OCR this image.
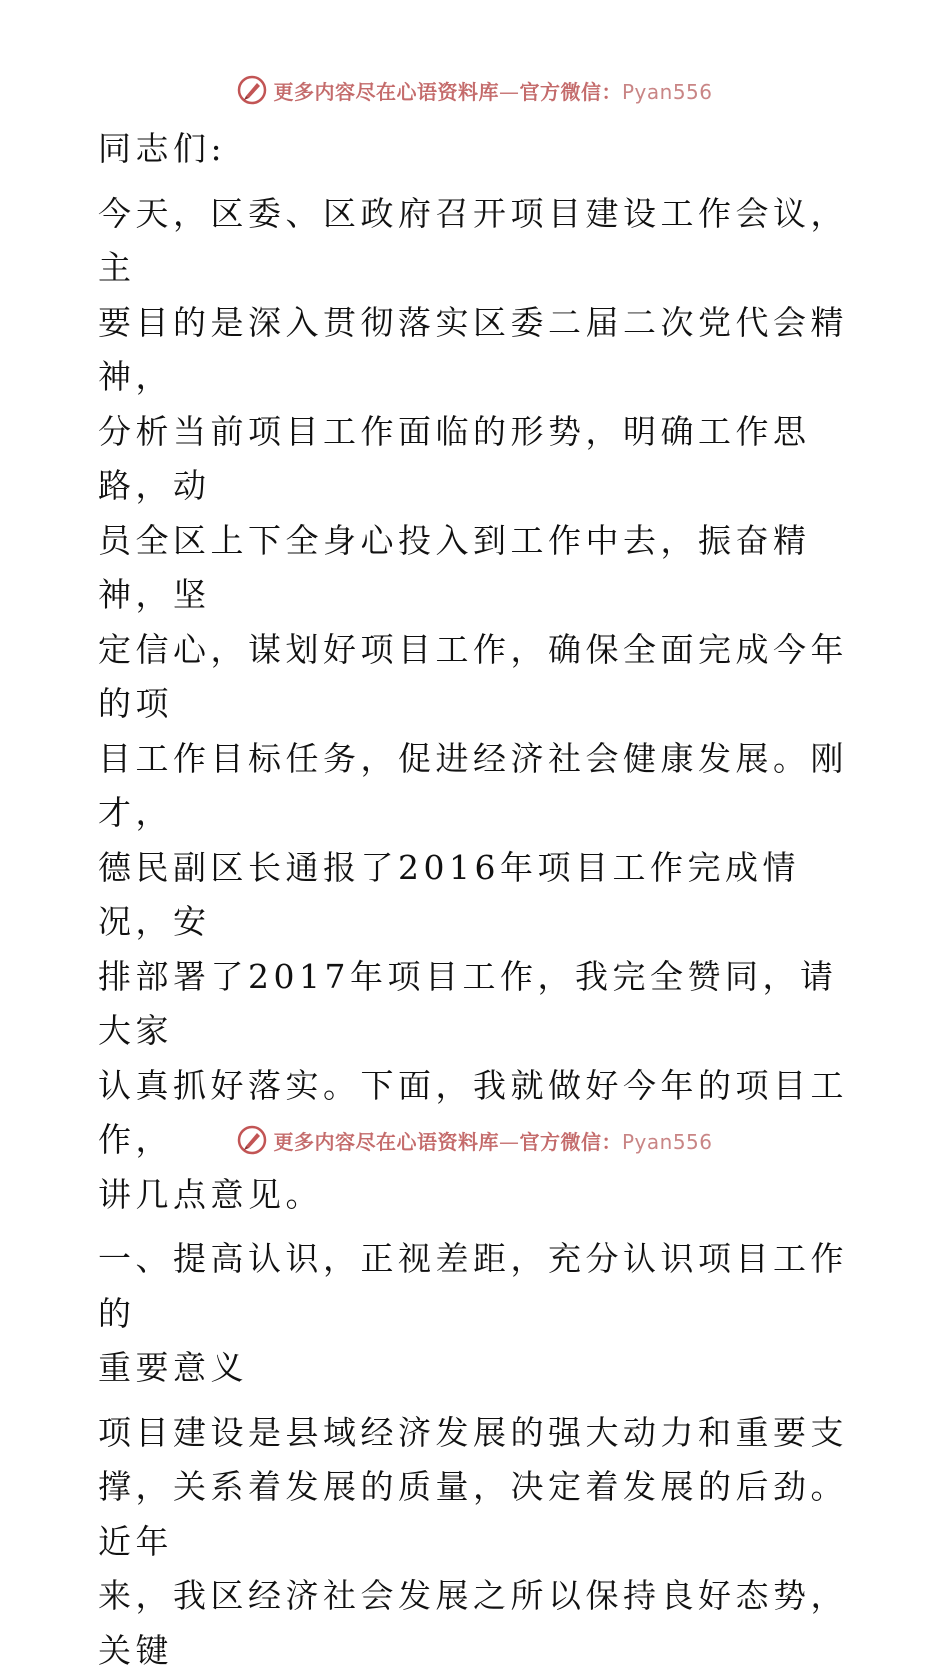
更多内容尽在心语资料库—官方微信：Pyan556

同志们:

今天，区委、区政府召开项目建设工作会议，主
要目的是深入贯彻落实区委二届二次党代会精神，
分析当前项目工作面临的形势，明确工作思路，动
员全区上下全身心投入到工作中去，振奋精神，坚
定信心，谋划好项目工作，确保全面完成今年的项
目工作目标任务，促进经济社会健康发展。刚才，
德民副区长通报了2016年项目工作完成情况，安
排部署了2017年项目工作，我完全赞同，请大家
认真抓好落实。下面，我就做好今年的项目工作，
讲几点意见。

一、提高认识，正视差距，充分认识项目工作的
重要意义

项目建设是县域经济发展的强大动力和重要支
撑，关系着发展的质量，决定着发展的后劲。近年
来，我区经济社会发展之所以保持良好态势，关键

更多内容尽在心语资料库—官方微信：Pyan556
